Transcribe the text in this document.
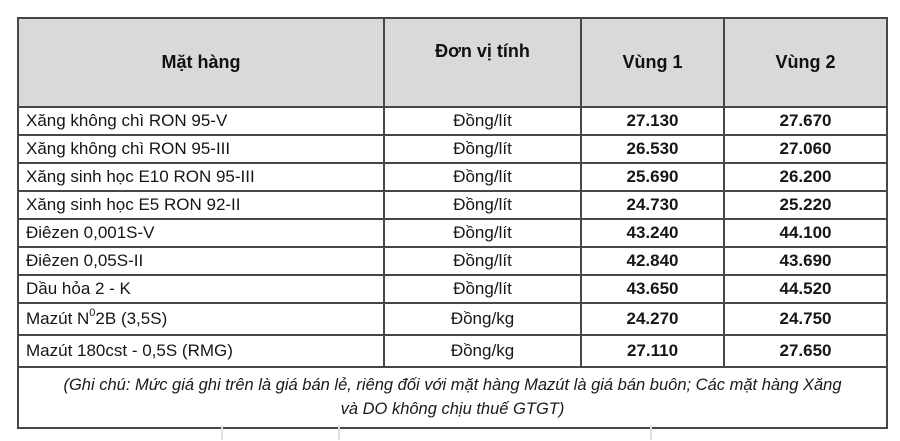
Mặt hàng	Đơn vị tính	Vùng 1	Vùng 2
Xăng không chì RON 95-V	Đồng/lít	27.130	27.670
Xăng không chì RON 95-III	Đồng/lít	26.530	27.060
Xăng sinh học E10 RON 95-III	Đồng/lít	25.690	26.200
Xăng sinh học E5 RON 92-II	Đồng/lít	24.730	25.220
Điêzen 0,001S-V	Đồng/lít	43.240	44.100
Điêzen 0,05S-II	Đồng/lít	42.840	43.690
Dầu hỏa 2 - K	Đồng/lít	43.650	44.520
Mazút $N^02B$ (3,5S)	Đồng/kg	24.270	24.750
Mazút 180cst - 0,5S (RMG)	Đồng/kg	27.110	27.650
(Ghi chú: Mức giá ghi trên là giá bán lẻ, riêng đối với mặt hàng Mazút là giá bán buôn; Các mặt hàng Xăng và DO không chịu thuế GTGT)			
